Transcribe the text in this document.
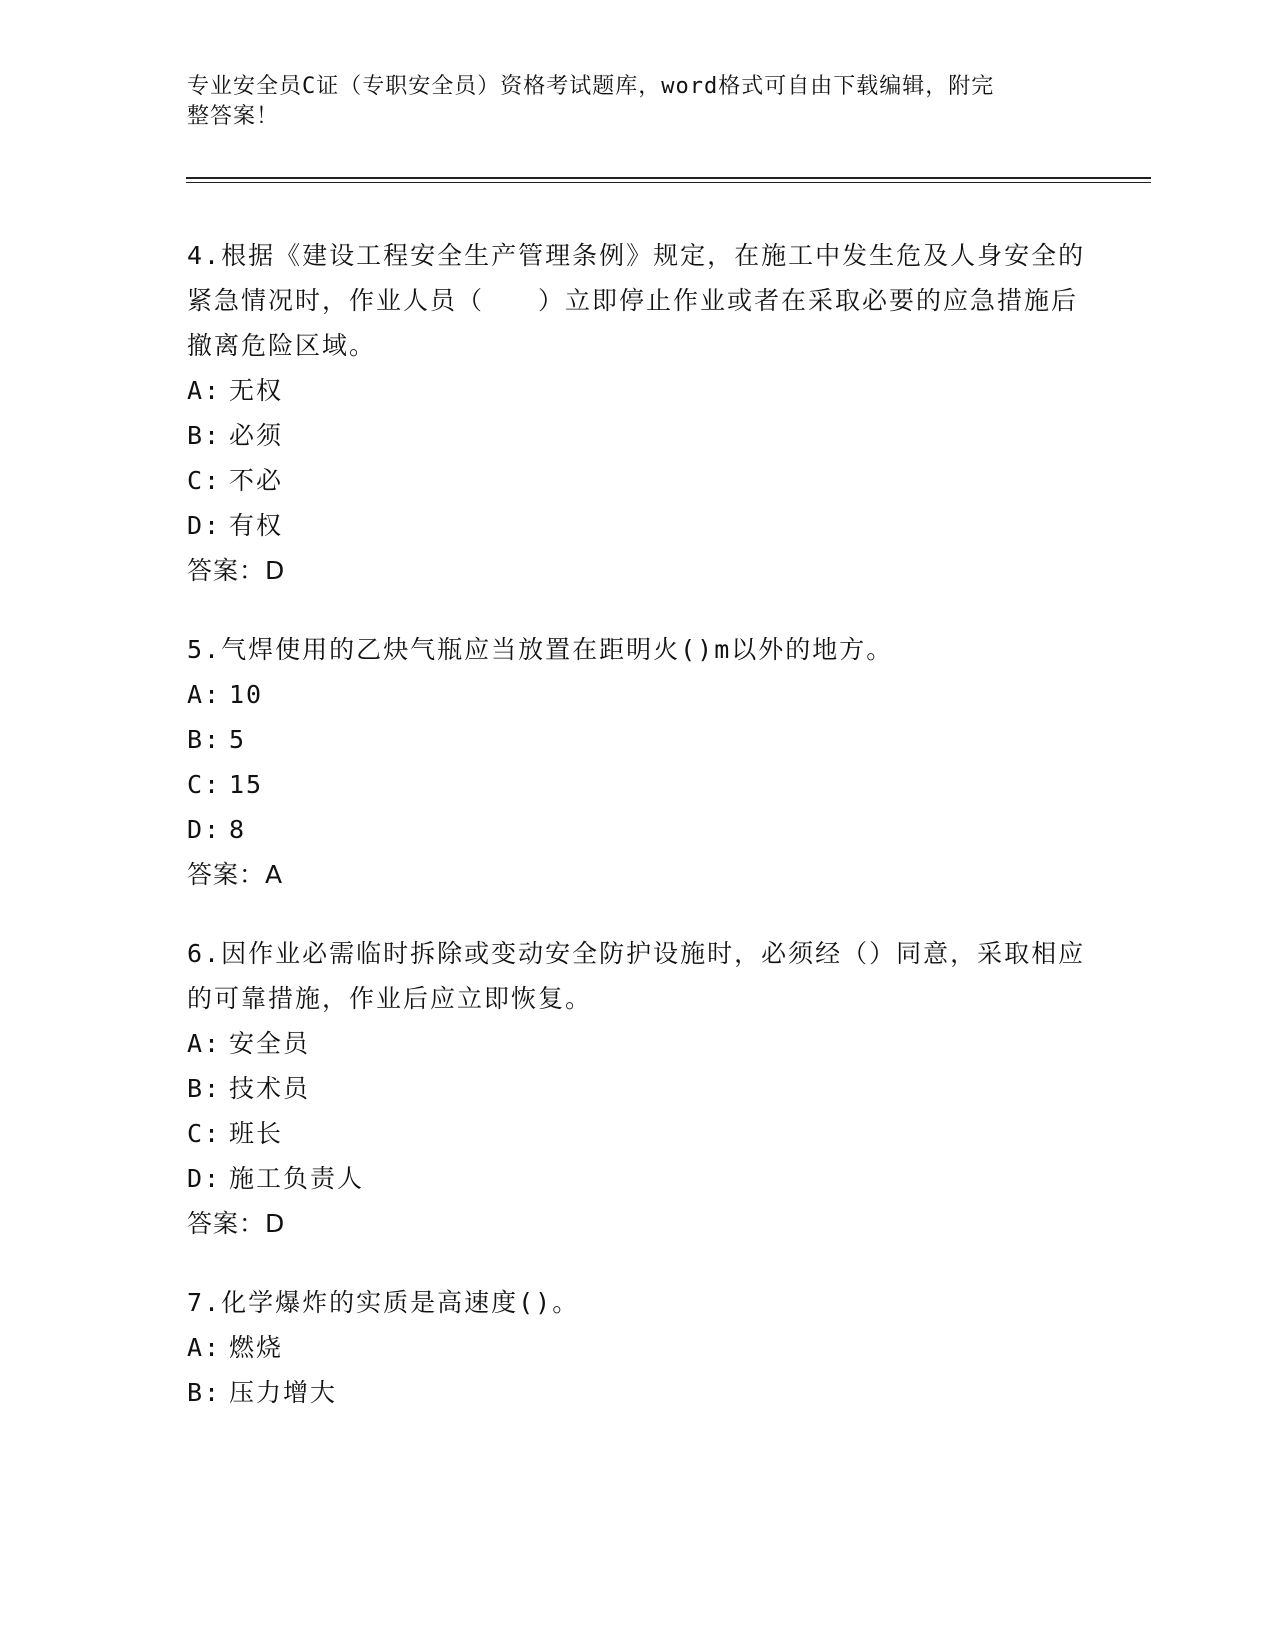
专业安全员C证（专职安全员）资格考试题库，word格式可自由下载编辑，附完
整答案！

4.根据《建设工程安全生产管理条例》规定，在施工中发生危及人身安全的紧急情况时，作业人员（　　）立即停止作业或者在采取必要的应急措施后撤离危险区域。

A: 无权

B: 必须

C: 不必

D: 有权

答案：D

5.气焊使用的乙炔气瓶应当放置在距明火()m以外的地方。

A: 10

B: 5

C: 15

D: 8

答案：A

6.因作业必需临时拆除或变动安全防护设施时，必须经（）同意，采取相应的可靠措施，作业后应立即恢复。

A: 安全员

B: 技术员

C: 班长

D: 施工负责人

答案：D

7.化学爆炸的实质是高速度()。

A: 燃烧

B: 压力增大
